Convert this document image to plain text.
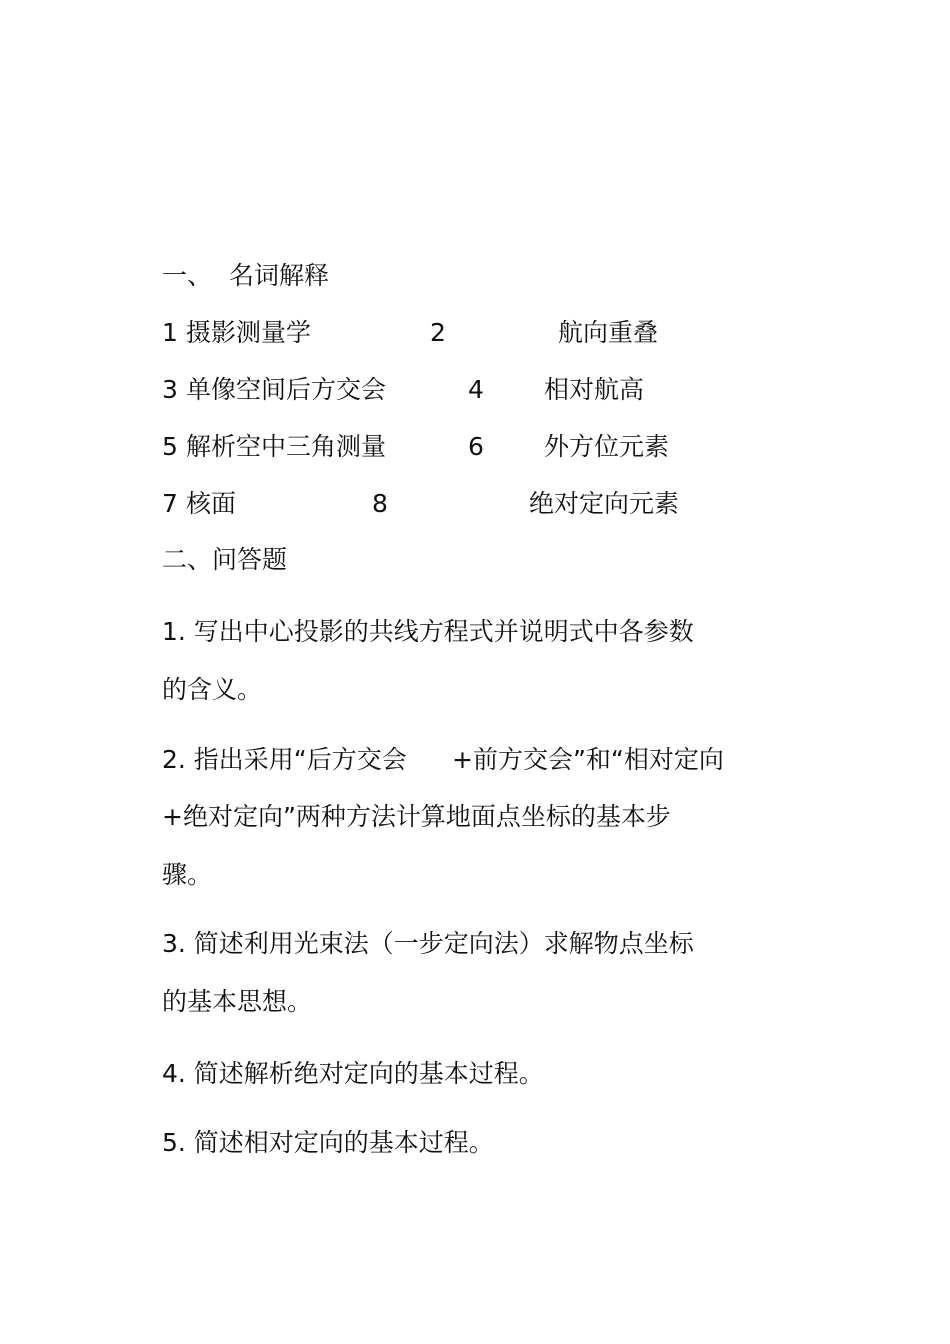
一、 名词解释
1 摄影测量学	2	航向重叠
3 单像空间后方交会	4 相对航高
5 解析空中三角测量	6 外方位元素
7 核面	8	绝对定向元素
二、问答题
1. 写出中心投影的共线方程式并说明式中各参数
的含义。
2. 指出采用“后方交会 +前方交会”和“相对定向
+绝对定向”两种方法计算地面点坐标的基本步
骤。
3. 简述利用光束法（一步定向法）求解物点坐标
的基本思想。
4. 简述解析绝对定向的基本过程。
5. 简述相对定向的基本过程。
